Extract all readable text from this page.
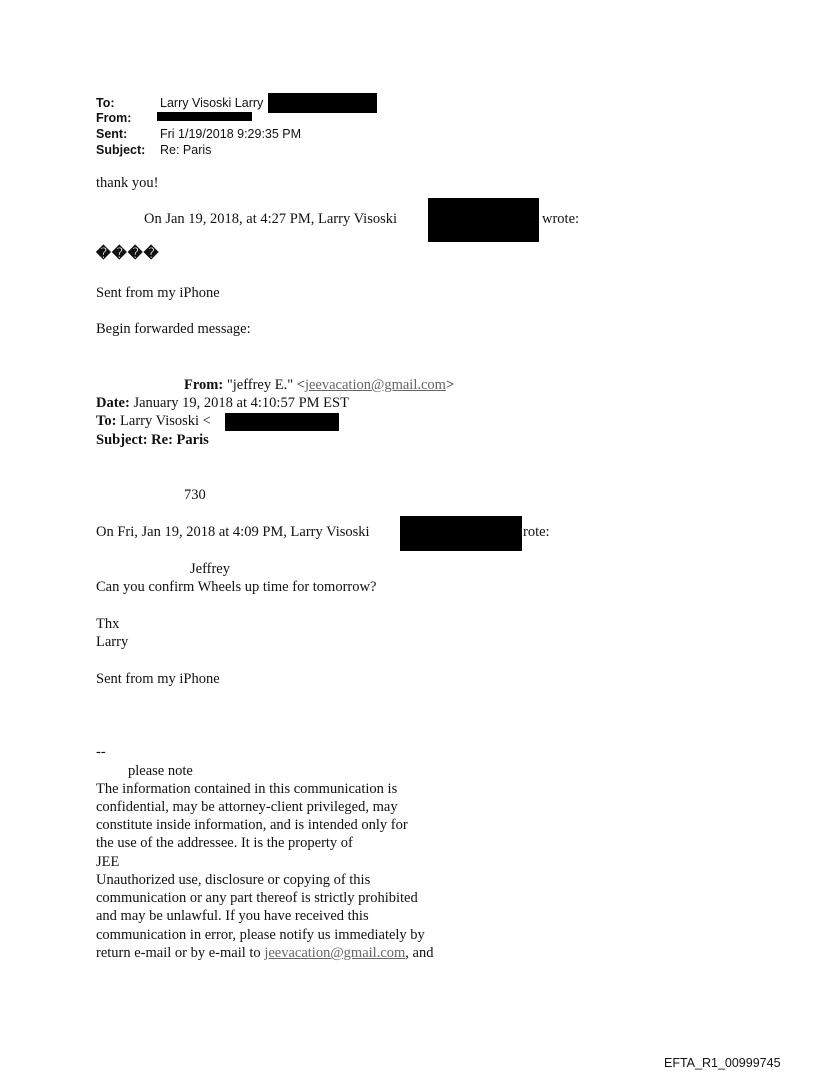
To:	Larry Visoski Larry
From:

Sent:	Fri 1/19/2018 9:29:35 PM
Subject: Re: Paris
thank you!
On Jan 19, 2018, at 4:27 PM, Larry Visoski	wrote:
����
Sent from my iPhone
Begin forwarded message:
From: "jeffrey E." <jeevacation@gmail.com>
Date: January 19, 2018 at 4:10:57 PM EST
To: Larry Visoski <
Subject: Re: Paris
730
On Fri, Jan 19, 2018 at 4:09 PM, Larry Visoski	rote:
Jeffrey
Can you confirm Wheels up time for tomorrow?
Thx
Larry
Sent from my iPhone
--
please note
The information contained in this communication is
confidential, may be attorney-client privileged, may
constitute inside information, and is intended only for
the use of the addressee. It is the property of
JEE
Unauthorized use, disclosure or copying of this
communication or any part thereof is strictly prohibited
and may be unlawful. If you have received this
communication in error, please notify us immediately by
return e-mail or by e-mail to jeevacation@gmail.com, and
EFTA_R1_00999745
